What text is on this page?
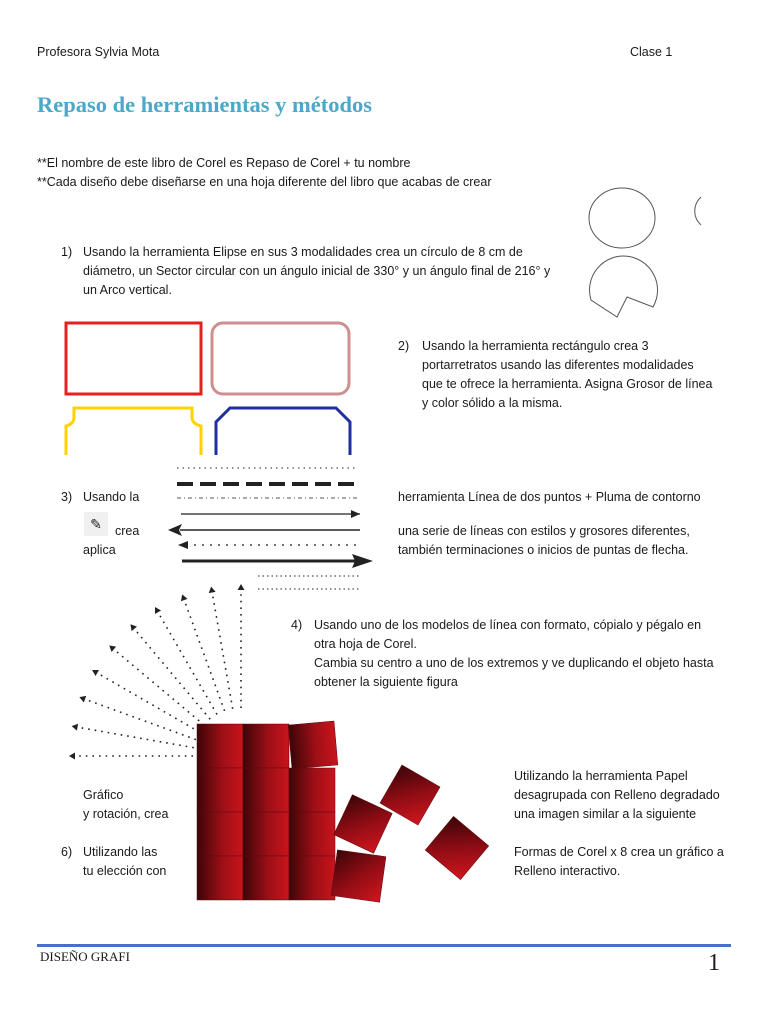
Profesora Sylvia Mota	Clase 1
Repaso de herramientas y métodos
**El nombre de este libro de Corel es Repaso de Corel + tu nombre
**Cada diseño debe diseñarse en una hoja diferente del libro que acabas de crear
1) Usando la herramienta Elipse en sus 3 modalidades crea un círculo de 8 cm de
diámetro, un Sector circular con un ángulo inicial de 330° y un ángulo final de 216° y
un Arco vertical.
2) Usando la herramienta rectángulo crea 3
portarretratos usando las diferentes modalidades
que te ofrece la herramienta. Asigna Grosor de línea
y color sólido a la misma.
3) Usando la
✎	crea
aplica
herramienta Línea de dos puntos + Pluma de contorno
una serie de líneas con estilos y grosores diferentes,
también terminaciones o inicios de puntas de flecha.
4) Usando uno de los modelos de línea con formato, cópialo y pégalo en
otra hoja de Corel.
Cambia su centro a uno de los extremos y ve duplicando el objeto hasta
obtener la siguiente figura
Utilizando la herramienta Papel
desagrupada con Relleno degradado
una imagen similar a la siguiente
Gráfico
y rotación, crea
6) Utilizando las
tu elección con
Formas de Corel x 8 crea un gráfico a
Relleno interactivo.
DISEÑO GRAFI	1
